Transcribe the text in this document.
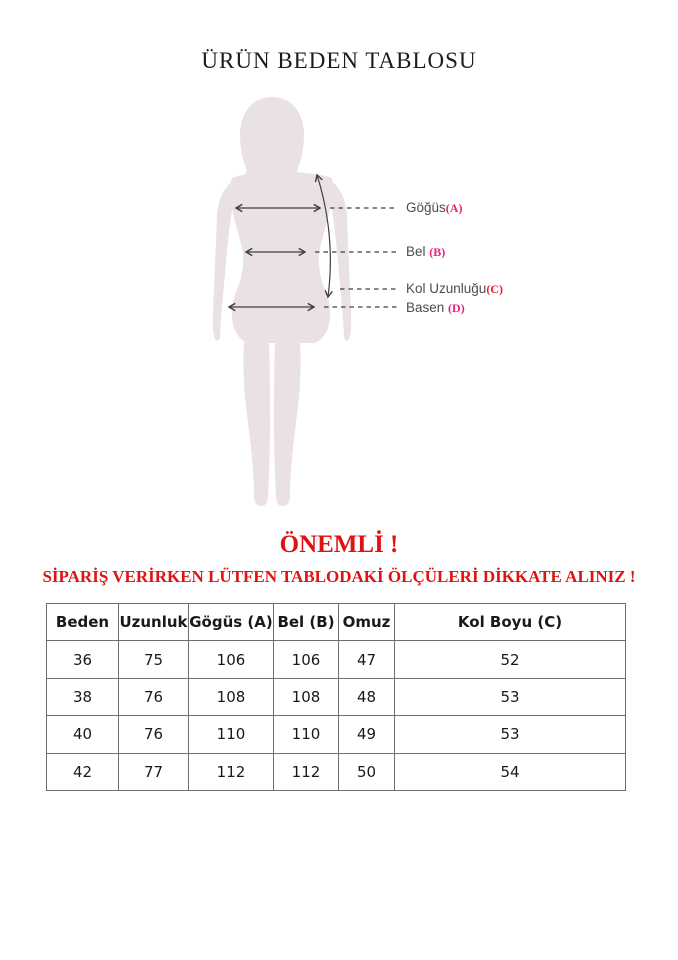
ÜRÜN BEDEN TABLOSU
Göğüs(A)
Bel (B)
Kol Uzunluğu(C)
Basen (D)
ÖNEMLİ !
SİPARİŞ VERİRKEN LÜTFEN TABLODAKİ ÖLÇÜLERİ DİKKATE ALINIZ !
Beden	Uzunluk	Gögüs (A)	Bel (B)	Omuz	Kol Boyu (C)
36	75	106	106	47	52
38	76	108	108	48	53
40	76	110	110	49	53
42	77	112	112	50	54
